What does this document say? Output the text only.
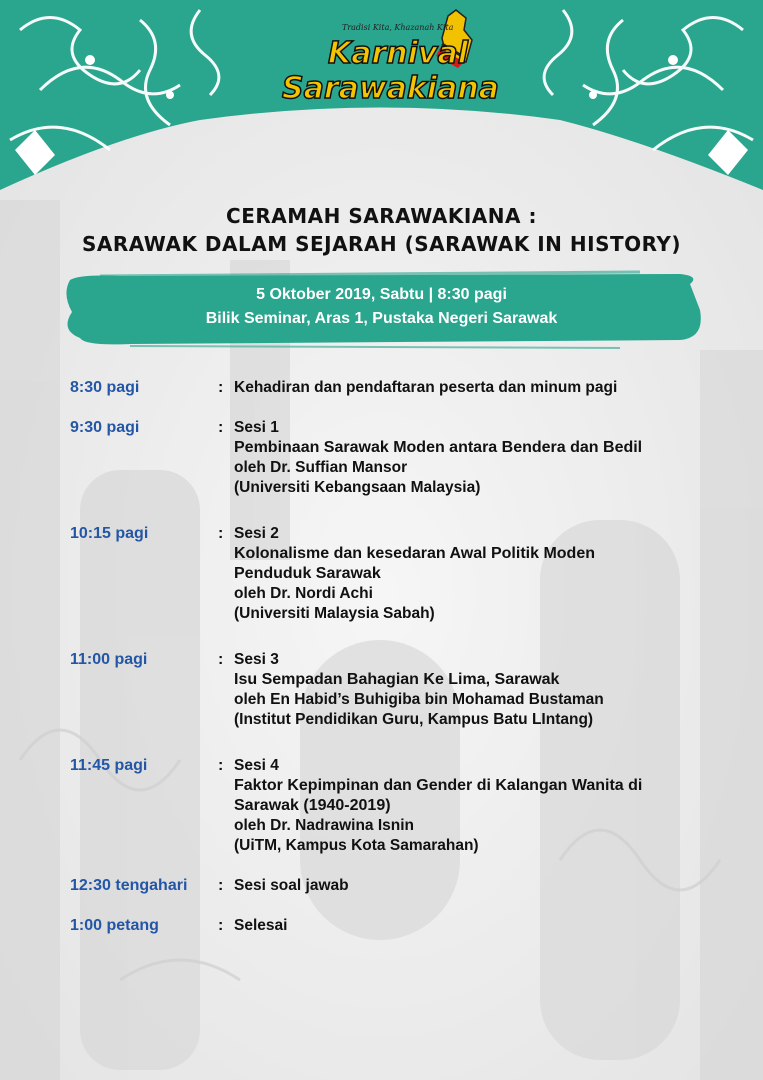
Tradisi Kita, Khazanah Kita
Karnival
Sarawakiana
CERAMAH SARAWAKIANA :
SARAWAK DALAM SEJARAH (SARAWAK IN HISTORY)
5 Oktober 2019, Sabtu | 8:30 pagi
Bilik Seminar, Aras 1, Pustaka Negeri Sarawak
8:30 pagi	: Kehadiran dan pendaftaran peserta dan minum pagi
9:30 pagi	: Sesi 1
Pembinaan Sarawak Moden antara Bendera dan Bedil
oleh Dr. Suffian Mansor
(Universiti Kebangsaan Malaysia)
10:15 pagi	: Sesi 2
Kolonalisme dan kesedaran Awal Politik Moden
Penduduk Sarawak
oleh Dr. Nordi Achi
(Universiti Malaysia Sabah)
11:00 pagi	: Sesi 3
Isu Sempadan Bahagian Ke Lima, Sarawak
oleh En Habid’s Buhigiba bin Mohamad Bustaman
(Institut Pendidikan Guru, Kampus Batu LIntang)
11:45 pagi	: Sesi 4
Faktor Kepimpinan dan Gender di Kalangan Wanita di
Sarawak (1940-2019)
oleh Dr. Nadrawina Isnin
(UiTM, Kampus Kota Samarahan)
12:30 tengahari	: Sesi soal jawab
1:00 petang	: Selesai
